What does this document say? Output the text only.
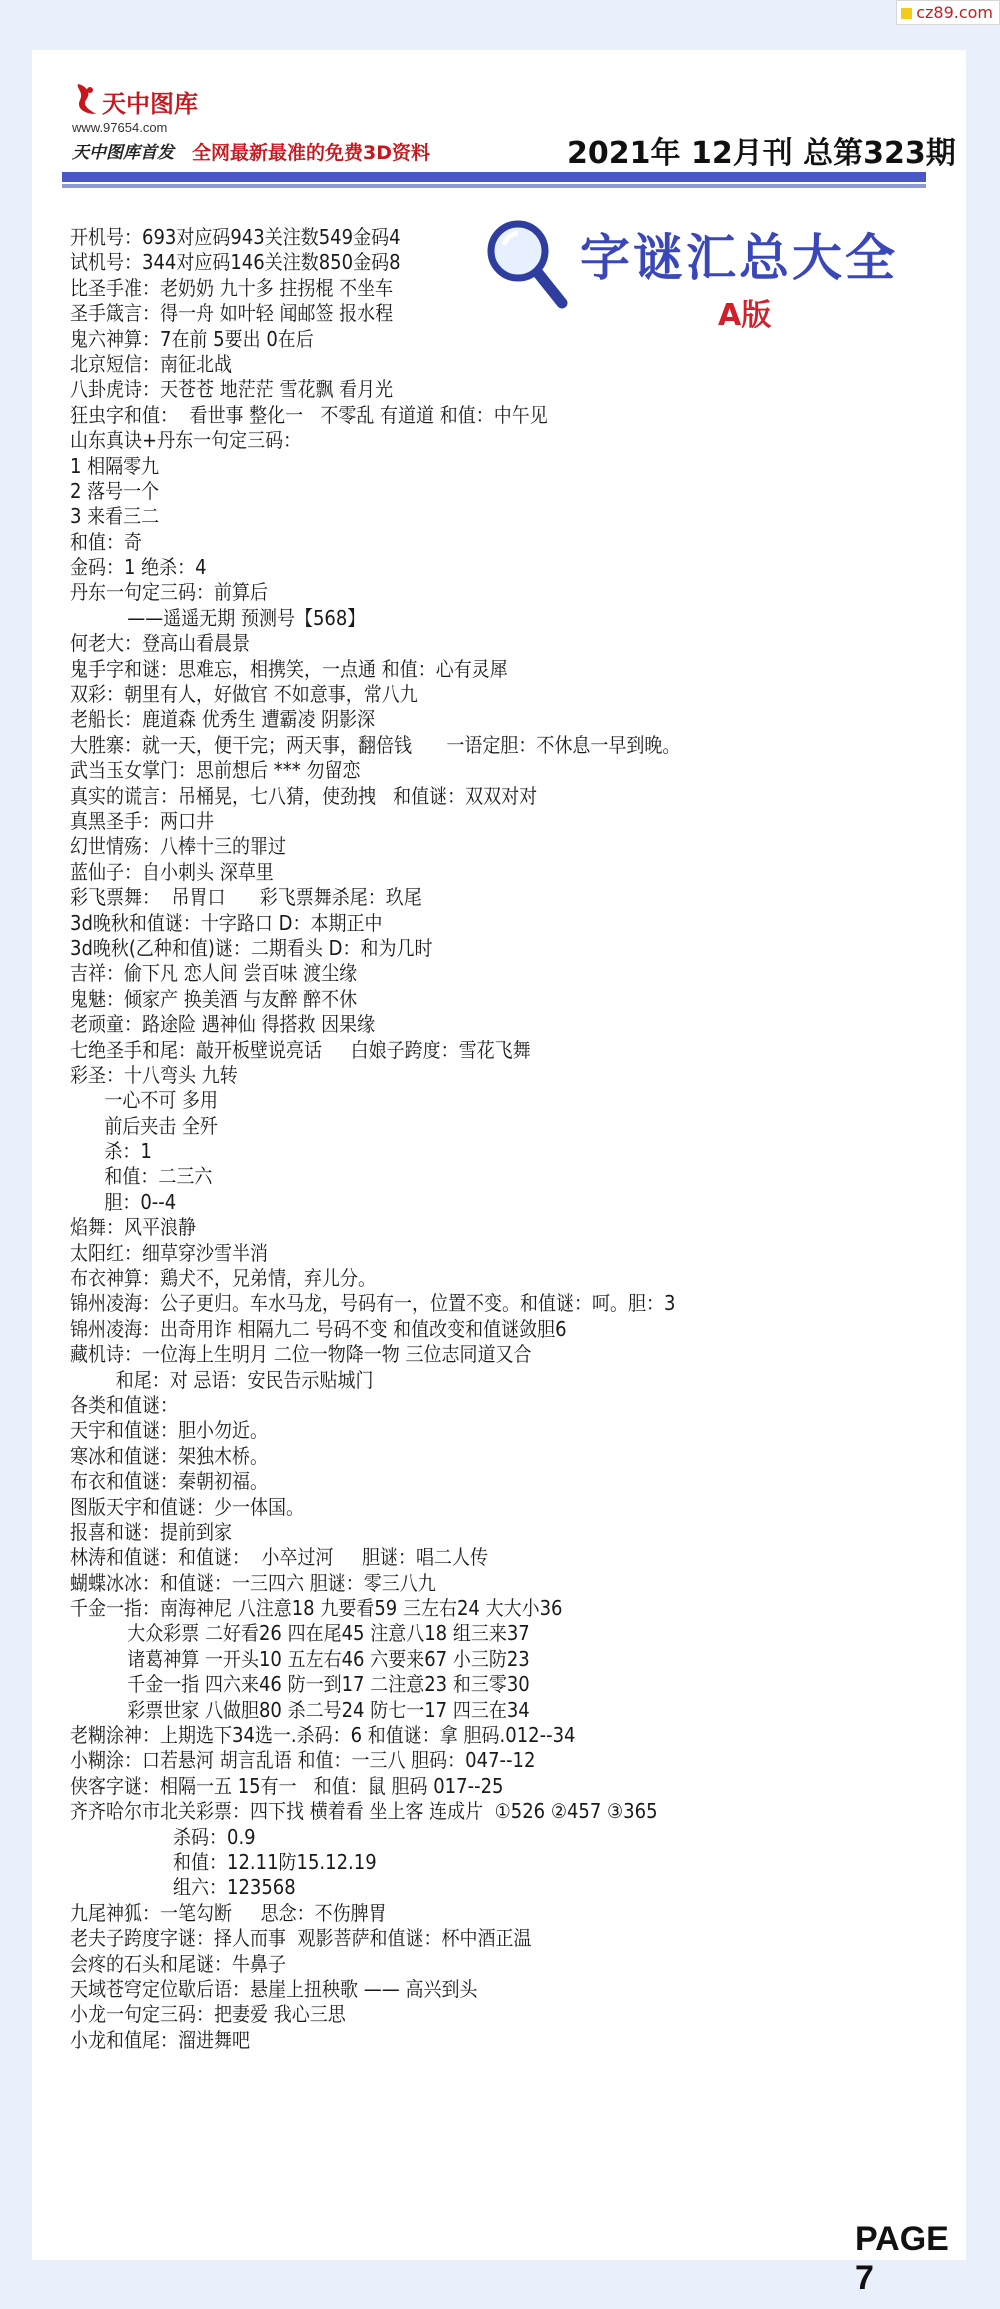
cz89.com
天中图库
www.97654.com
天中图库首发 全网最新最准的免费3D资料	2021年 12月刊 总第323期
字谜汇总大全
A版
开机号：693对应码943关注数549金码4
试机号：344对应码146关注数850金码8
比圣手准：老奶奶 九十多 拄拐棍 不坐车
圣手箴言：得一舟 如叶轻 闻邮签 报水程
鬼六神算：7在前 5要出 0在后
北京短信：南征北战
八卦虎诗：天苍苍 地茫茫 雪花飘 看月光
狂虫字和值：  看世事 整化一   不零乱 有道道 和值：中午见
山东真诀+丹东一句定三码：
1 相隔零九
2 落号一个
3 来看三二
和值：奇
金码：1 绝杀：4
丹东一句定三码：前算后
——遥遥无期 预测号【568】
何老大：登高山看晨景
鬼手字和谜：思难忘，相携笑，一点通 和值：心有灵犀
双彩：朝里有人，好做官 不如意事，常八九
老船长：鹿道森 优秀生 遭霸凌 阴影深
大胜寨：就一天，便干完；两天事，翻倍钱      一语定胆：不休息一早到晚。
武当玉女掌门：思前想后 *** 勿留恋
真实的谎言：吊桶晃，七八猜，使劲拽   和值谜：双双对对
真黑圣手：两口井
幻世情殇：八棒十三的罪过
蓝仙子：自小刺头 深草里
彩飞票舞：  吊胃口      彩飞票舞杀尾：玖尾
3d晚秋和值谜：十字路口 D：本期正中
3d晚秋(乙种和值)谜：二期看头 D：和为几时
吉祥：偷下凡 恋人间 尝百味 渡尘缘
鬼魅：倾家产 换美酒 与友醉 醉不休
老顽童：路途险 遇神仙 得搭救 因果缘
七绝圣手和尾：敲开板壁说亮话     白娘子跨度：雪花飞舞
彩圣：十八弯头 九转
一心不可 多用
前后夹击 全歼
杀：1
和值：二三六
胆：0--4
焰舞：风平浪静
太阳红：细草穿沙雪半消
布衣神算：鶏犬不，兄弟情，弃儿分。
锦州凌海：公子更归。车水马龙，号码有一，位置不变。和值谜：呵。胆：3
锦州凌海：出奇用诈 相隔九二 号码不变 和值改变和值谜敛胆6
藏机诗：一位海上生明月 二位一物降一物 三位志同道又合
和尾：对 忌语：安民告示贴城门
各类和值谜：
天宇和值谜：胆小勿近。
寒冰和值谜：架独木桥。
布衣和值谜：秦朝初福。
图版天宇和值谜：少一体国。
报喜和谜：提前到家
林涛和值谜：和值谜：  小卒过河     胆谜：唱二人传
蝴蝶冰冰：和值谜：一三四六 胆谜：零三八九
千金一指：南海神尼 八注意18 九要看59 三左右24 大大小36
大众彩票 二好看26 四在尾45 注意八18 组三来37
诸葛神算 一开头10 五左右46 六要来67 小三防23
千金一指 四六来46 防一到17 二注意23 和三零30
彩票世家 八做胆80 杀二号24 防七一17 四三在34
老糊涂神：上期选下34选一.杀码：6 和值谜：拿 胆码.012--34
小糊涂：口若悬河 胡言乱语 和值：一三八 胆码：047--12
侠客字谜：相隔一五 15有一   和值：鼠 胆码 017--25
齐齐哈尔市北关彩票：四下找 横着看 坐上客 连成片  ①526 ②457 ③365
杀码：0.9
和值：12.11防15.12.19
组六：123568
九尾神狐：一笔勾断     思念：不伤脾胃
老夫子跨度字谜：择人而事  观影菩萨和值谜：杯中酒正温
会疼的石头和尾谜：牛鼻子
天域苍穹定位歇后语：悬崖上扭秧歌 —— 高兴到头
小龙一句定三码：把妻爱 我心三思
小龙和值尾：溜进舞吧
PAGE 7
